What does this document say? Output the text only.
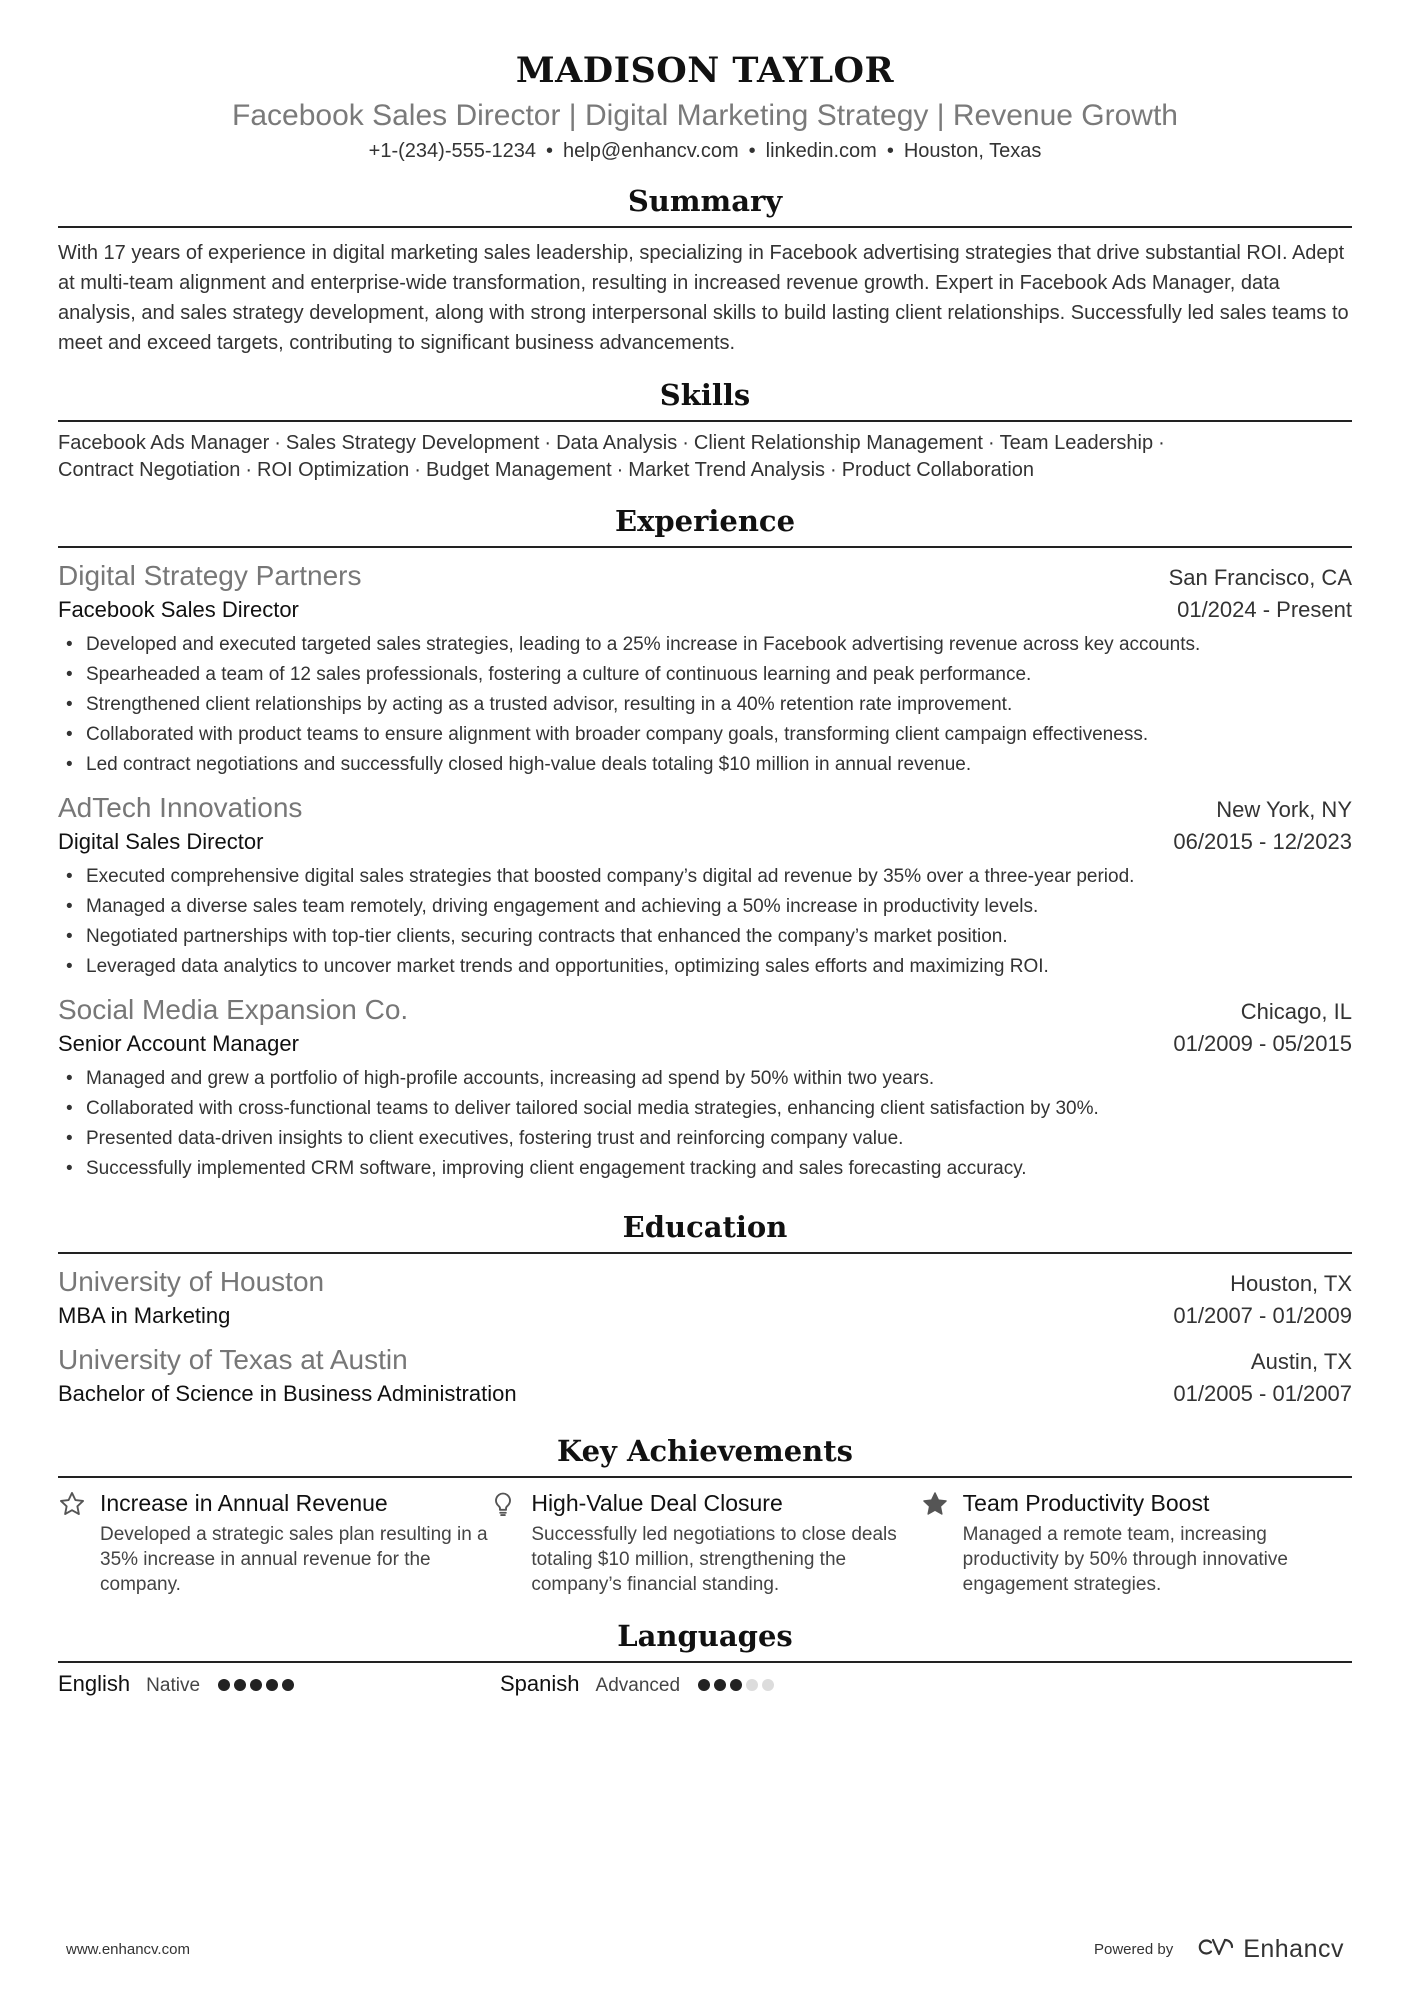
MADISON TAYLOR
Facebook Sales Director | Digital Marketing Strategy | Revenue Growth
+1-(234)-555-1234 • help@enhancv.com • linkedin.com • Houston, Texas
Summary

With 17 years of experience in digital marketing sales leadership, specializing in Facebook advertising strategies that drive substantial ROI. Adept at multi-team alignment and enterprise-wide transformation, resulting in increased revenue growth. Expert in Facebook Ads Manager, data analysis, and sales strategy development, along with strong interpersonal skills to build lasting client relationships. Successfully led sales teams to meet and exceed targets, contributing to significant business advancements.

Skills

Facebook Ads Manager · Sales Strategy Development · Data Analysis · Client Relationship Management · Team Leadership ·
Contract Negotiation · ROI Optimization · Budget Management · Market Trend Analysis · Product Collaboration

Experience
Digital Strategy Partners	San Francisco, CA
Facebook Sales Director	01/2024 - Present
• Developed and executed targeted sales strategies, leading to a 25% increase in Facebook advertising revenue across key accounts.
• Spearheaded a team of 12 sales professionals, fostering a culture of continuous learning and peak performance.
• Strengthened client relationships by acting as a trusted advisor, resulting in a 40% retention rate improvement.
• Collaborated with product teams to ensure alignment with broader company goals, transforming client campaign effectiveness.
• Led contract negotiations and successfully closed high-value deals totaling $10 million in annual revenue.
AdTech Innovations	New York, NY
Digital Sales Director	06/2015 - 12/2023
• Executed comprehensive digital sales strategies that boosted company’s digital ad revenue by 35% over a three-year period.
• Managed a diverse sales team remotely, driving engagement and achieving a 50% increase in productivity levels.
• Negotiated partnerships with top-tier clients, securing contracts that enhanced the company’s market position.
• Leveraged data analytics to uncover market trends and opportunities, optimizing sales efforts and maximizing ROI.
Social Media Expansion Co.	Chicago, IL
Senior Account Manager	01/2009 - 05/2015
• Managed and grew a portfolio of high-profile accounts, increasing ad spend by 50% within two years.
• Collaborated with cross-functional teams to deliver tailored social media strategies, enhancing client satisfaction by 30%.
• Presented data-driven insights to client executives, fostering trust and reinforcing company value.
• Successfully implemented CRM software, improving client engagement tracking and sales forecasting accuracy.
Education
University of Houston	Houston, TX
MBA in Marketing	01/2007 - 01/2009
University of Texas at Austin	Austin, TX
Bachelor of Science in Business Administration	01/2005 - 01/2007
Key Achievements
Increase in Annual Revenue
Developed a strategic sales plan resulting in a 35% increase in annual revenue for the company.
High-Value Deal Closure
Successfully led negotiations to close deals totaling $10 million, strengthening the company’s financial standing.
Team Productivity Boost
Managed a remote team, increasing productivity by 50% through innovative engagement strategies.
Languages
English Native	Spanish Advanced
www.enhancv.com	Powered by	Enhancv
